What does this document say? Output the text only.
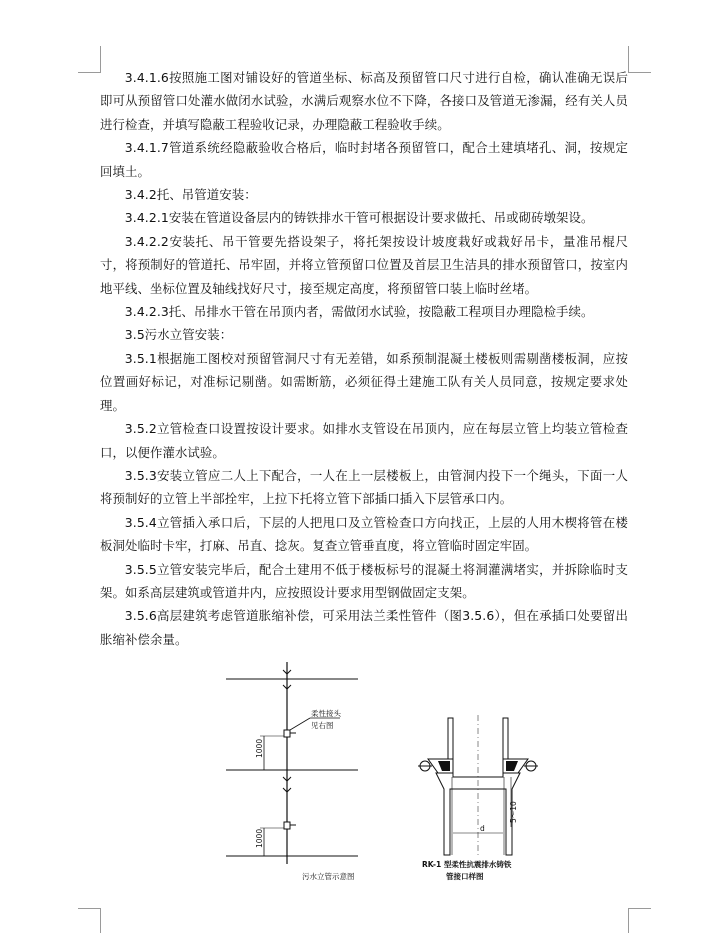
3.4.1.6按照施工图对铺设好的管道坐标、标高及预留管口尺寸进行自检，确认准确无误后即可从预留管口处灌水做闭水试验，水满后观察水位不下降，各接口及管道无渗漏，经有关人员进行检查，并填写隐蔽工程验收记录，办理隐蔽工程验收手续。

3.4.1.7管道系统经隐蔽验收合格后，临时封堵各预留管口，配合土建填堵孔、洞，按规定回填土。

3.4.2托、吊管道安装：

3.4.2.1安装在管道设备层内的铸铁排水干管可根据设计要求做托、吊或砌砖墩架设。

3.4.2.2安装托、吊干管要先搭设架子，将托架按设计坡度栽好或栽好吊卡，量准吊棍尺寸，将预制好的管道托、吊牢固，并将立管预留口位置及首层卫生洁具的排水预留管口，按室内地平线、坐标位置及轴线找好尺寸，接至规定高度，将预留管口装上临时丝堵。

3.4.2.3托、吊排水干管在吊顶内者，需做闭水试验，按隐蔽工程项目办理隐检手续。

3.5污水立管安装：

3.5.1根据施工图校对预留管洞尺寸有无差错，如系预制混凝土楼板则需剔凿楼板洞，应按位置画好标记，对准标记剔凿。如需断筋，必须征得土建施工队有关人员同意，按规定要求处理。

3.5.2立管检查口设置按设计要求。如排水支管设在吊顶内，应在每层立管上均装立管检查口，以便作灌水试验。

3.5.3安装立管应二人上下配合，一人在上一层楼板上，由管洞内投下一个绳头，下面一人将预制好的立管上半部拴牢，上拉下托将立管下部插口插入下层管承口内。

3.5.4立管插入承口后，下层的人把甩口及立管检查口方向找正，上层的人用木楔将管在楼板洞处临时卡牢，打麻、吊直、捻灰。复查立管垂直度，将立管临时固定牢固。

3.5.5立管安装完毕后，配合土建用不低于楼板标号的混凝土将洞灌满堵实，并拆除临时支架。如系高层建筑或管道井内，应按照设计要求用型钢做固定支架。

3.5.6高层建筑考虑管道胀缩补偿，可采用法兰柔性管件（图3.5.6），但在承插口处要留出胀缩补偿余量。

柔性接头
见右图
1000
1000
污水立管示意图
5～10
d
RK-1 型柔性抗震排水铸铁
管接口样图
